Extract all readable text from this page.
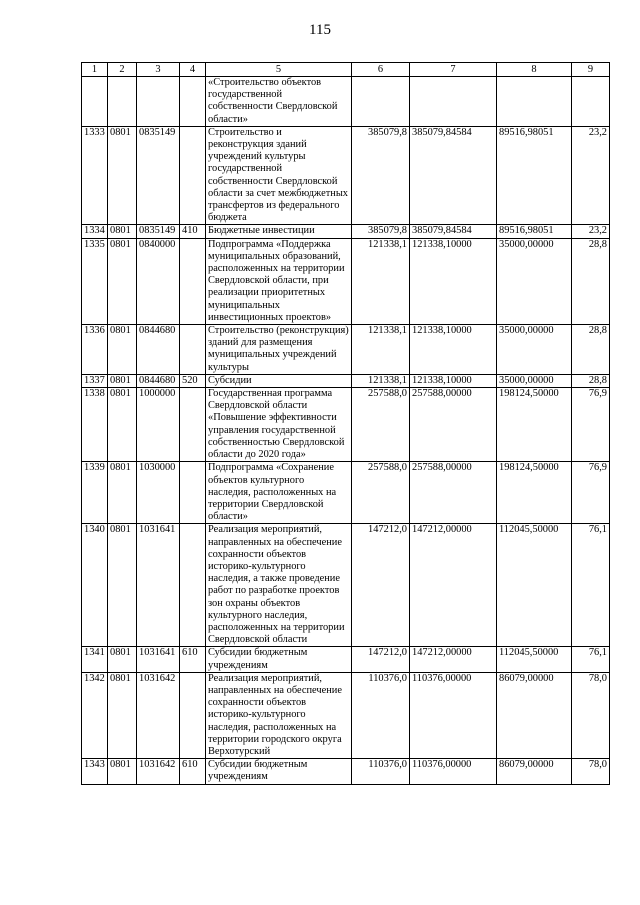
115
1	2	3	4	5	6	7	8	9
				«Строительство объектов государственной собственности Свердловской области»				
1333	0801	0835149		Строительство и реконструкция зданий учреждений культуры государственной собственности Свердловской области за счет межбюджетных трансфертов из федерального бюджета	385079,8	385079,84584	89516,98051	23,2
1334	0801	0835149	410	Бюджетные инвестиции	385079,8	385079,84584	89516,98051	23,2
1335	0801	0840000		Подпрограмма «Поддержка муниципальных образований, расположенных на территории Свердловской области, при реализации приоритетных муниципальных инвестиционных проектов»	121338,1	121338,10000	35000,00000	28,8
1336	0801	0844680		Строительство (реконструкция) зданий для размещения муниципальных учреждений культуры	121338,1	121338,10000	35000,00000	28,8
1337	0801	0844680	520	Субсидии	121338,1	121338,10000	35000,00000	28,8
1338	0801	1000000		Государственная программа Свердловской области «Повышение эффективности управления государственной собственностью Свердловской области до 2020 года»	257588,0	257588,00000	198124,50000	76,9
1339	0801	1030000		Подпрограмма «Сохранение объектов культурного наследия, расположенных на территории Свердловской области»	257588,0	257588,00000	198124,50000	76,9
1340	0801	1031641		Реализация мероприятий, направленных на обеспечение сохранности объектов историко-культурного наследия, а также проведение работ по разработке проектов зон охраны объектов культурного наследия, расположенных на территории Свердловской области	147212,0	147212,00000	112045,50000	76,1
1341	0801	1031641	610	Субсидии бюджетным учреждениям	147212,0	147212,00000	112045,50000	76,1
1342	0801	1031642		Реализация мероприятий, направленных на обеспечение сохранности объектов историко-культурного наследия, расположенных на территории городского округа Верхотурский	110376,0	110376,00000	86079,00000	78,0
1343	0801	1031642	610	Субсидии бюджетным учреждениям	110376,0	110376,00000	86079,00000	78,0
